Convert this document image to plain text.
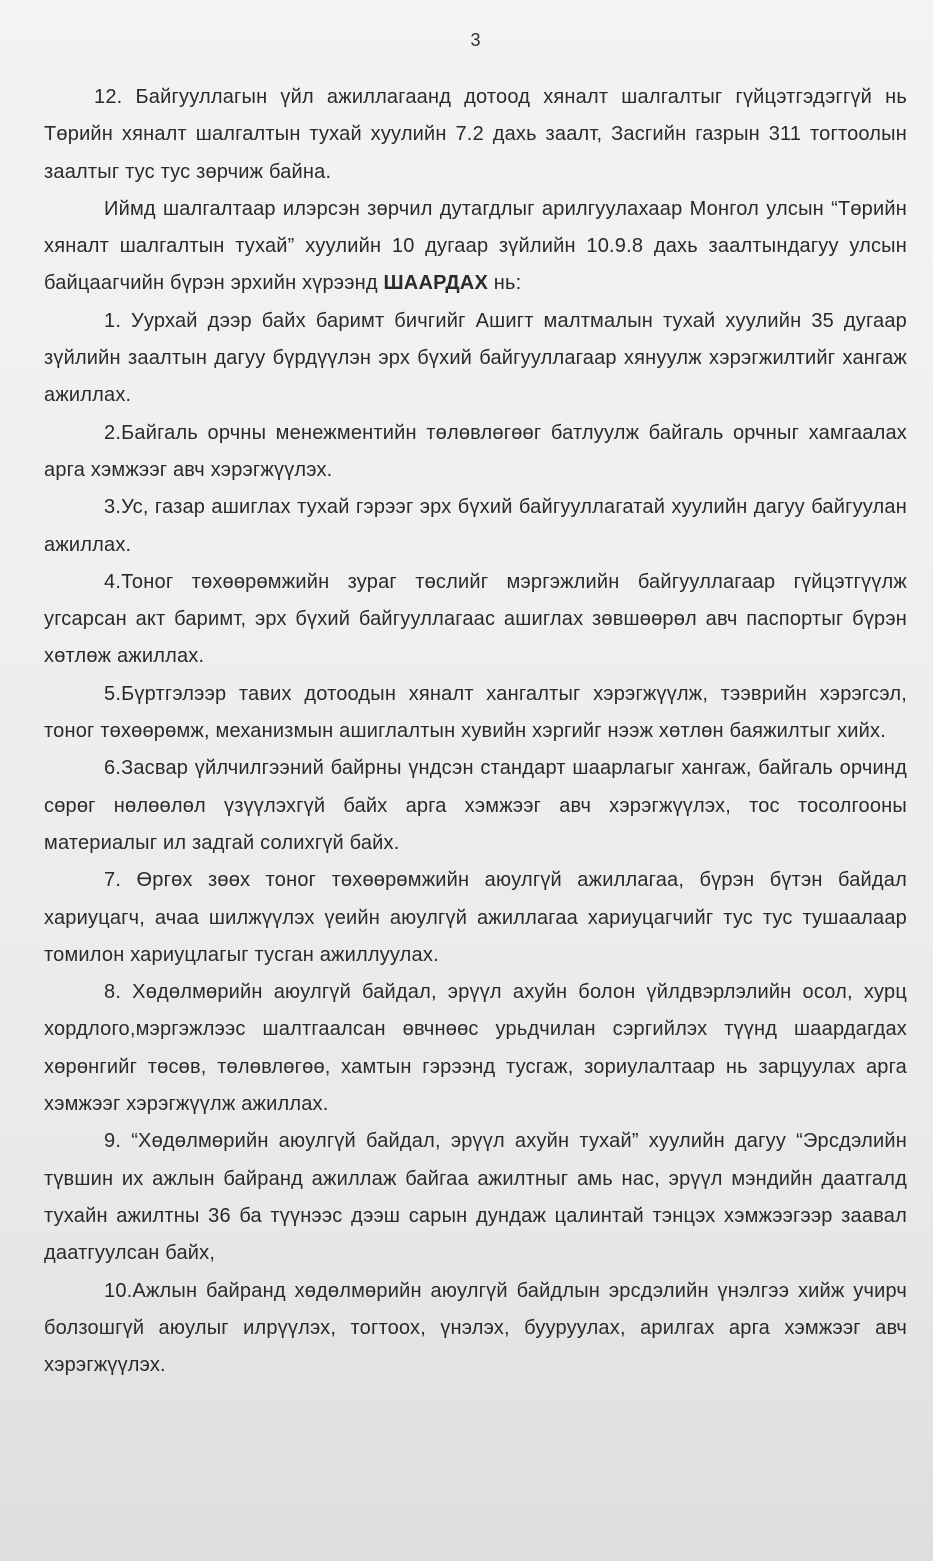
3

12. Байгууллагын үйл ажиллагаанд дотоод хяналт шалгалтыг гүйцэтгэдэггүй нь Төрийн хяналт шалгалтын тухай хуулийн 7.2 дахь заалт, Засгийн газрын 311 тогтоолын заалтыг тус тус зөрчиж байна.

Иймд шалгалтаар илэрсэн зөрчил дутагдлыг арилгуулахаар Монгол улсын “Төрийн хяналт шалгалтын тухай” хуулийн 10 дугаар зүйлийн 10.9.8 дахь заалтындагуу улсын байцаагчийн бүрэн эрхийн хүрээнд ШААРДАХ нь:

1. Уурхай дээр байх баримт бичгийг Ашигт малтмалын тухай хуулийн 35 дугаар зүйлийн заалтын дагуу бүрдүүлэн эрх бүхий байгууллагаар хянуулж хэрэгжилтийг хангаж ажиллах.

2.Байгаль орчны менежментийн төлөвлөгөөг батлуулж байгаль орчныг хамгаалах арга хэмжээг авч хэрэгжүүлэх.

3.Ус, газар ашиглах тухай гэрээг эрх бүхий байгууллагатай хуулийн дагуу байгуулан ажиллах.

4.Тоног төхөөрөмжийн зураг төслийг мэргэжлийн байгууллагаар гүйцэтгүүлж угсарсан акт баримт, эрх бүхий байгууллагаас ашиглах зөвшөөрөл авч паспортыг бүрэн хөтлөж ажиллах.

5.Бүртгэлээр тавих дотоодын хяналт хангалтыг хэрэгжүүлж, тээврийн хэрэгсэл, тоног төхөөрөмж, механизмын ашиглалтын хувийн хэргийг нээж хөтлөн баяжилтыг хийх.

6.Засвар үйлчилгээний байрны үндсэн стандарт шаарлагыг хангаж, байгаль орчинд сөрөг нөлөөлөл үзүүлэхгүй байх арга хэмжээг авч хэрэгжүүлэх, тос тосолгооны материалыг ил задгай солихгүй байх.

7. Өргөх зөөх тоног төхөөрөмжийн аюулгүй ажиллагаа, бүрэн бүтэн байдал хариуцагч, ачаа шилжүүлэх үеийн аюулгүй ажиллагаа хариуцагчийг тус тус тушаалаар томилон хариуцлагыг тусган ажиллуулах.

8. Хөдөлмөрийн аюулгүй байдал, эрүүл ахуйн болон үйлдвэрлэлийн осол, хурц хордлого,мэргэжлээс шалтгаалсан өвчнөөс урьдчилан сэргийлэх түүнд шаардагдах хөрөнгийг төсөв, төлөвлөгөө, хамтын гэрээнд тусгаж, зориулалтаар нь зарцуулах арга хэмжээг хэрэгжүүлж ажиллах.

9. “Хөдөлмөрийн аюулгүй байдал, эрүүл ахуйн тухай” хуулийн дагуу “Эрсдэлийн түвшин их ажлын байранд ажиллаж байгаа ажилтныг амь нас, эрүүл мэндийн даатгалд тухайн ажилтны 36 ба түүнээс дээш сарын дундаж цалинтай тэнцэх хэмжээгээр заавал даатгуулсан байх,

10.Ажлын байранд хөдөлмөрийн аюулгүй байдлын эрсдэлийн үнэлгээ хийж учирч болзошгүй аюулыг илрүүлэх, тогтоох, үнэлэх, бууруулах, арилгах арга хэмжээг авч хэрэгжүүлэх.
